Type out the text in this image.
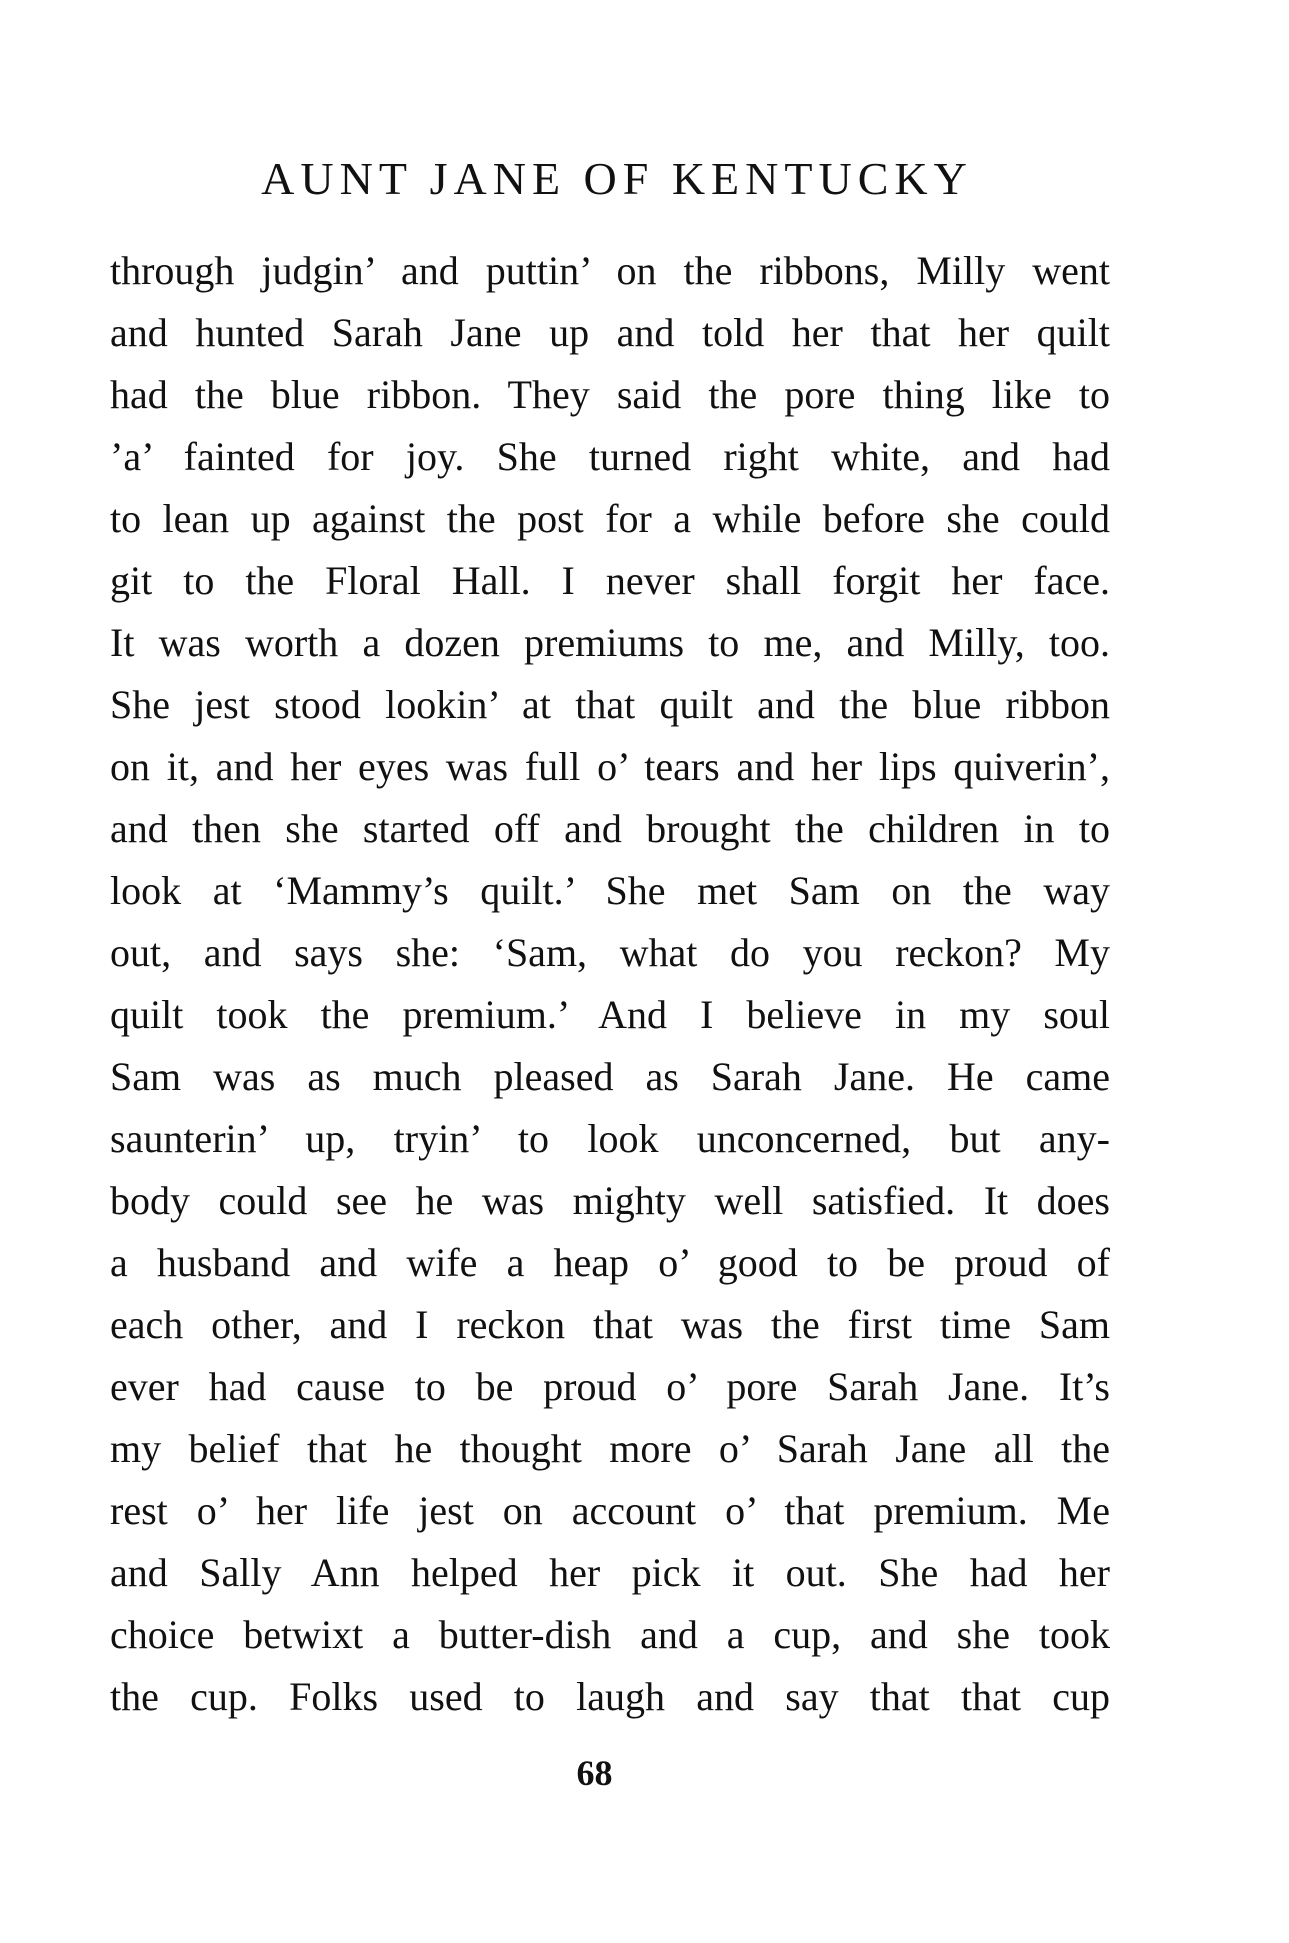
AUNT JANE OF KENTUCKY
through judgin’ and puttin’ on the ribbons, Milly went
and hunted Sarah Jane up and told her that her quilt
had the blue ribbon. They said the pore thing like to
’a’ fainted for joy. She turned right white, and had
to lean up against the post for a while before she could
git to the Floral Hall. I never shall forgit her face.
It was worth a dozen premiums to me, and Milly, too.
She jest stood lookin’ at that quilt and the blue ribbon
on it, and her eyes was full o’ tears and her lips quiverin’,
and then she started off and brought the children in to
look at ‘Mammy’s quilt.’ She met Sam on the way
out, and says she: ‘Sam, what do you reckon? My
quilt took the premium.’ And I believe in my soul
Sam was as much pleased as Sarah Jane. He came
saunterin’ up, tryin’ to look unconcerned, but any-
body could see he was mighty well satisfied. It does
a husband and wife a heap o’ good to be proud of
each other, and I reckon that was the first time Sam
ever had cause to be proud o’ pore Sarah Jane. It’s
my belief that he thought more o’ Sarah Jane all the
rest o’ her life jest on account o’ that premium. Me
and Sally Ann helped her pick it out. She had her
choice betwixt a butter-dish and a cup, and she took
the cup. Folks used to laugh and say that that cup
68
